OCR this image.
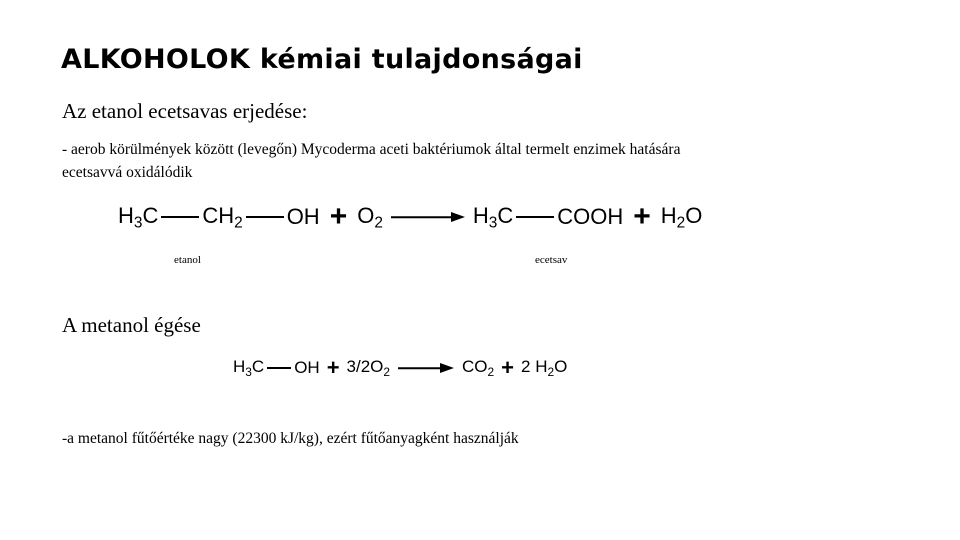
ALKOHOLOK kémiai tulajdonságai
Az etanol ecetsavas erjedése:
- aerob körülmények között (levegőn) Mycoderma aceti baktériumok által termelt enzimek hatására
ecetsavvá oxidálódik
$H_3C$ $CH_2$ OH + $O_2$	$H_3C$ COOH + $H_2O$
etanol	ecetsav
A metanol égése
$H_3C$ OH + $3/2O_2$	$CO_2 + 2$ $H_2O$
-a metanol fűtőértéke nagy (22300 kJ/kg), ezért fűtőanyagként használják
